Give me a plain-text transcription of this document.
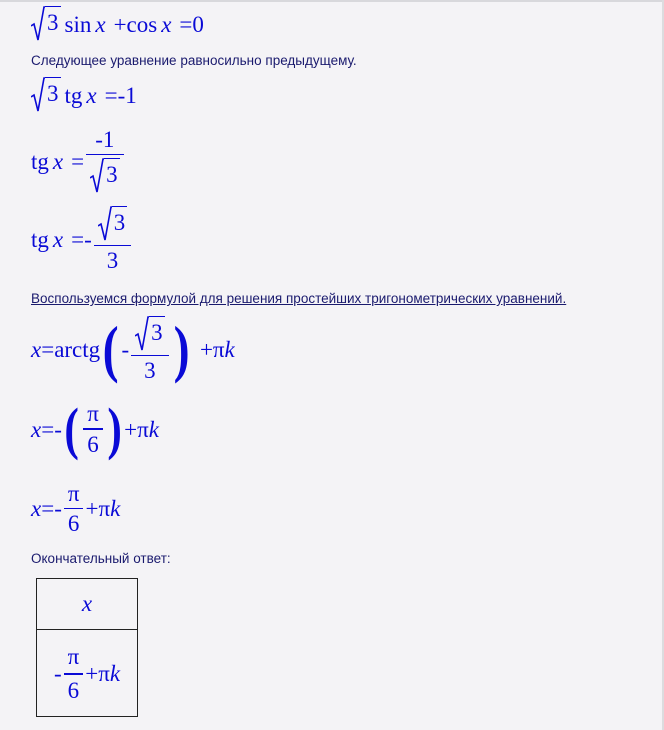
3 sin x +cos x =0
Следующее уравнение равносильно предыдущему.
3 tg x =-1
tg $x = \frac{-1}{3}$
tg $x =- \frac{3}{3}$
Воспользуемся формулой для решения простейших тригонометрических уравнений.
x =arctg ( - $\frac{3}{3}$ ) +π k
x =- ( $\frac{\pi}{6}$ ) +π k
$x =- \frac{\pi}{6} +\pi$ k
Окончательный ответ:
x
- $\frac{\pi}{6} +\pi$ k
